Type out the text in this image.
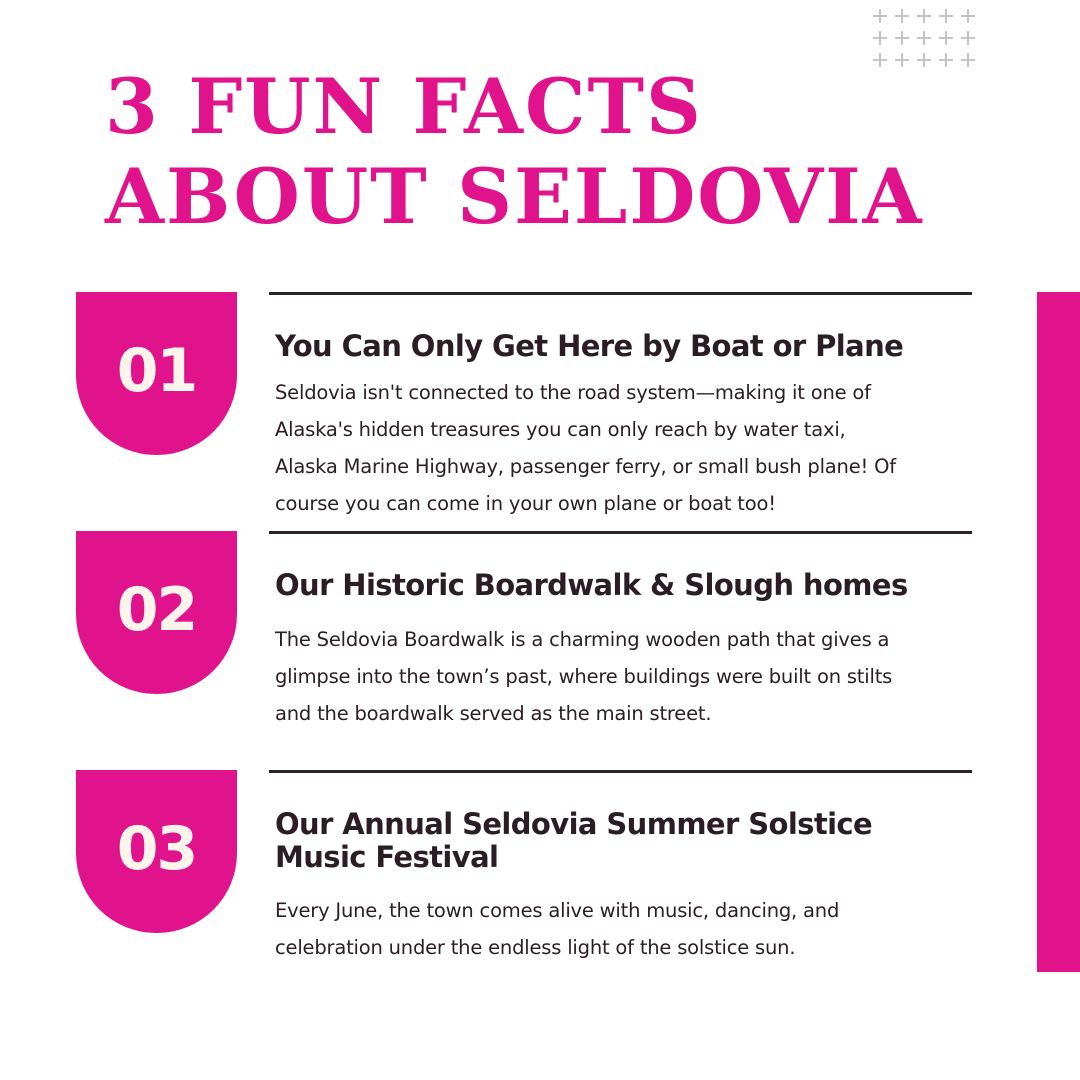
3 FUN FACTS
ABOUT SELDOVIA
01	You Can Only Get Here by Boat or Plane

Seldovia isn't connected to the road system—making it one of
Alaska's hidden treasures you can only reach by water taxi,
Alaska Marine Highway, passenger ferry, or small bush plane! Of
course you can come in your own plane or boat too!

02	Our Historic Boardwalk & Slough homes

The Seldovia Boardwalk is a charming wooden path that gives a
glimpse into the town’s past, where buildings were built on stilts
and the boardwalk served as the main street.

03	Our Annual Seldovia Summer Solstice
Music Festival

Every June, the town comes alive with music, dancing, and
celebration under the endless light of the solstice sun.
